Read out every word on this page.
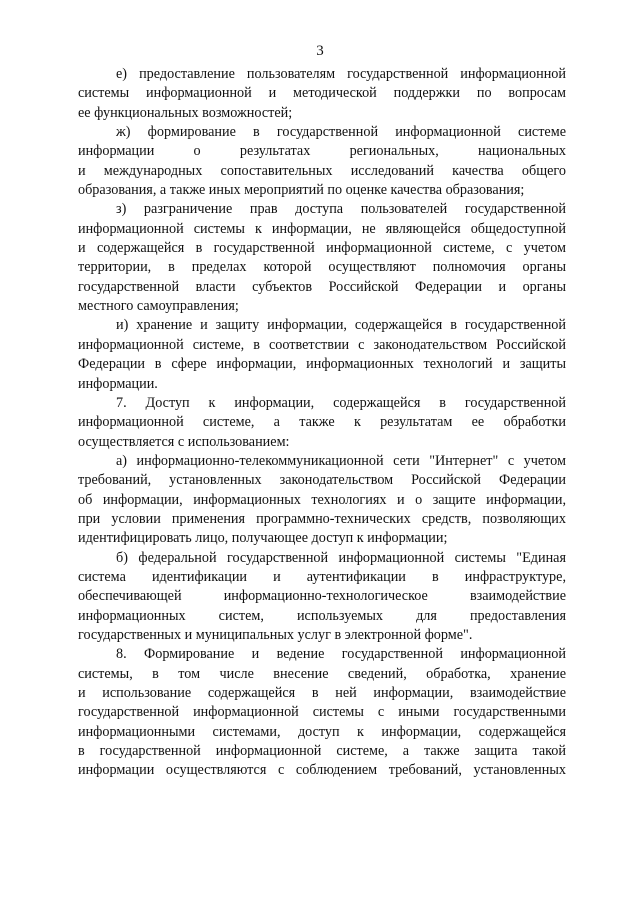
3
е) предоставление пользователям государственной информационной
системы информационной и методической поддержки по вопросам
ее функциональных возможностей;
ж) формирование в государственной информационной системе
информации о результатах региональных, национальных
и международных сопоставительных исследований качества общего
образования, а также иных мероприятий по оценке качества образования;
з) разграничение прав доступа пользователей государственной
информационной системы к информации, не являющейся общедоступной
и содержащейся в государственной информационной системе, с учетом
территории, в пределах которой осуществляют полномочия органы
государственной власти субъектов Российской Федерации и органы
местного самоуправления;
и) хранение и защиту информации, содержащейся в государственной
информационной системе, в соответствии с законодательством Российской
Федерации в сфере информации, информационных технологий и защиты
информации.
7. Доступ к информации, содержащейся в государственной
информационной системе, а также к результатам ее обработки
осуществляется с использованием:
а) информационно-телекоммуникационной сети "Интернет" с учетом
требований, установленных законодательством Российской Федерации
об информации, информационных технологиях и о защите информации,
при условии применения программно-технических средств, позволяющих
идентифицировать лицо, получающее доступ к информации;
б) федеральной государственной информационной системы "Единая
система идентификации и аутентификации в инфраструктуре,
обеспечивающей информационно-технологическое взаимодействие
информационных систем, используемых для предоставления
государственных и муниципальных услуг в электронной форме".
8. Формирование и ведение государственной информационной
системы, в том числе внесение сведений, обработка, хранение
и использование содержащейся в ней информации, взаимодействие
государственной информационной системы с иными государственными
информационными системами, доступ к информации, содержащейся
в государственной информационной системе, а также защита такой
информации осуществляются с соблюдением требований, установленных
